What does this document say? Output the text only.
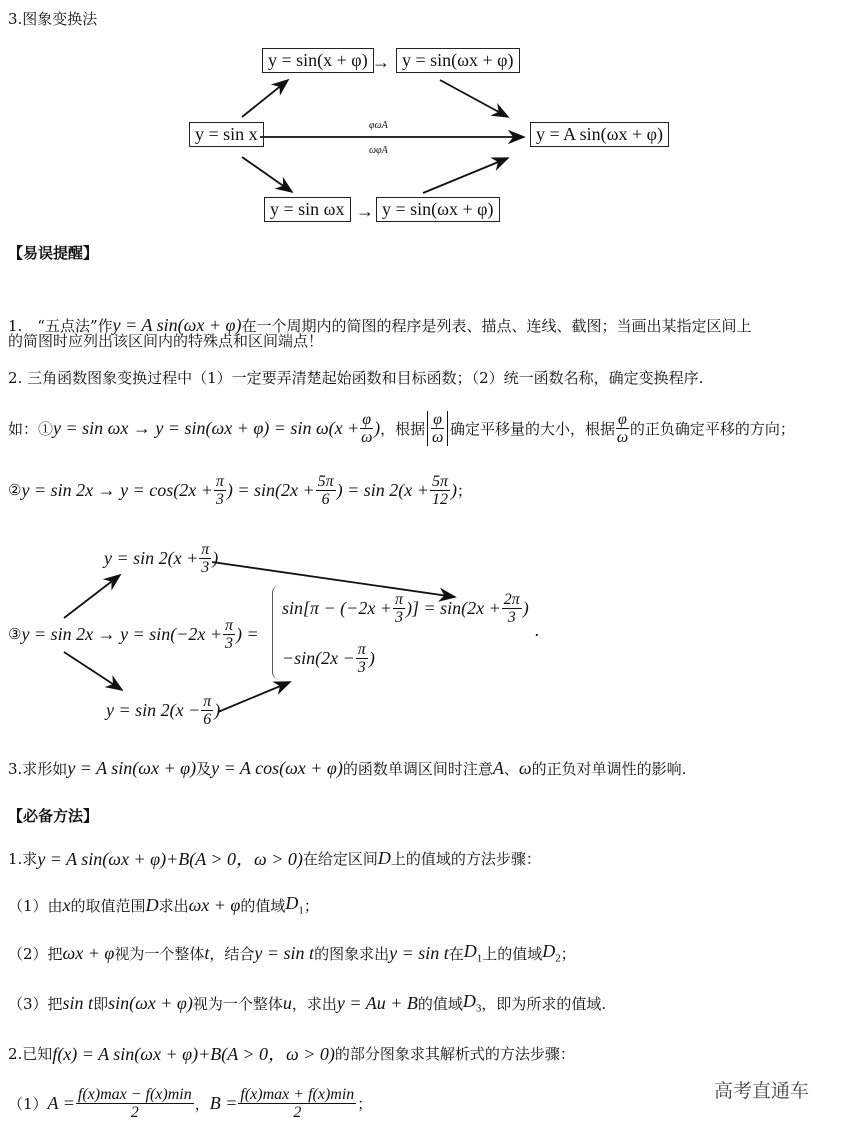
3.图象变换法
y = sin x
y = sin(x + φ) → y = sin(ωx + φ)
y = A sin(ωx + φ)
y = sin ωx → y = sin(ωx + φ)
φωA
ωφA
【易误提醒】
1.　“五点法”作 y = A sin(ωx + φ) 在一个周期内的简图的程序是列表、描点、连线、截图；当画出某指定区间上
的简图时应列出该区间内的特殊点和区间端点！
2. 三角函数图象变换过程中（1）一定要弄清楚起始函数和目标函数；（2）统一函数名称，确定变换程序.
如：① $y = \sin \omega x \to y = \sin(\omega x + \varphi) = \sin \omega(x + \frac{\varphi}{\omega}$ ) ，根据 $\frac{\varphi}{\omega}$ 确定平移量的大小，根据 $\frac{\varphi}{\omega}$ 的正负确定平移的方向；
② $y = \sin 2x \to y = \cos(2x + \frac{\pi}{3}$ ) = $\sin(2x + \frac{5\pi}{6}$ ) = $\sin 2(x + \frac{5\pi}{12}$ ) ；
$y = \sin 2(x + \frac{\pi}{3}$ )
③ $y = \sin 2x \to y = \sin(-2x + \frac{\pi}{3}$ ) =
$\sin[\pi - (-2x + \frac{\pi}{3}$ )] = $\sin(2x + \frac{2\pi}{3}$ )
$-\sin(2x - \frac{\pi}{3}$ )
.
$y = \sin 2(x - \frac{\pi}{6}$ )
3.求形如 y = A sin(ωx + φ) 及 y = A cos(ωx + φ) 的函数单调区间时注意 A 、 ω 的正负对单调性的影响.
【必备方法】
1.求 y = A sin(ωx + φ)+B(A > 0，ω > 0) 在给定区间 D 上的值域的方法步骤：
（1）由 x 的取值范围 D 求出 ωx + φ 的值域 $D_1$ ；
（2）把 ωx + φ 视为一个整体 t ，结合 y = sin t 的图象求出 y = sin t 在 $D_1$ 上的值域 $D_2$ ；
（3）把 sin t 即 sin(ωx + φ) 视为一个整体 u ，求出 y = Au + B 的值域 $D_3$ ，即为所求的值域.
2.已知 f(x) = A sin(ωx + φ)+B(A > 0，ω > 0) 的部分图象求其解析式的方法步骤：
（1） $A = \frac{f(x)\max - f(x)\min}{2}$ ， $B = \frac{f(x)\max + f(x)\min}{2}$ ；
高考直通车
